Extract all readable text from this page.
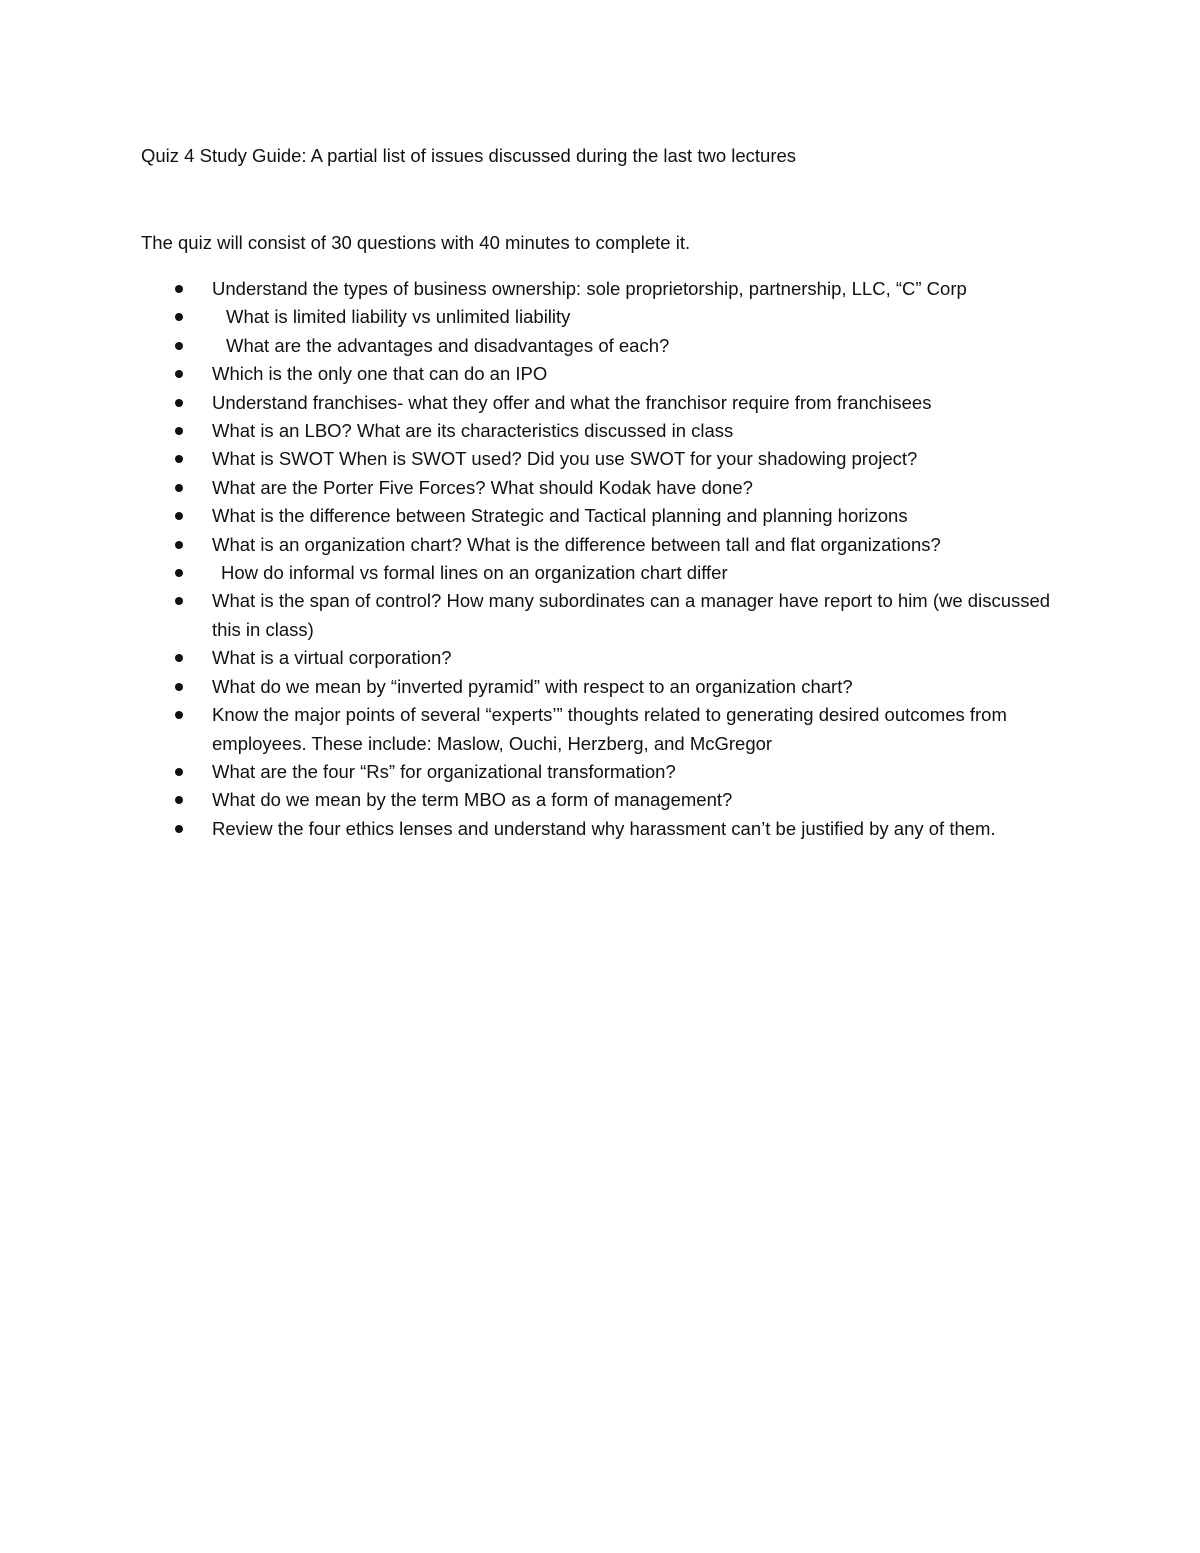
Quiz 4 Study Guide: A partial list of issues discussed during the last two lectures

The quiz will consist of 30 questions with 40 minutes to complete it.

Understand the types of business ownership: sole proprietorship, partnership, LLC, “C” Corp
What is limited liability vs unlimited liability
What are the advantages and disadvantages of each?
Which is the only one that can do an IPO
Understand franchises- what they offer and what the franchisor require from franchisees
What is an LBO? What are its characteristics discussed in class
What is SWOT When is SWOT used? Did you use SWOT for your shadowing project?
What are the Porter Five Forces? What should Kodak have done?
What is the difference between Strategic and Tactical planning and planning horizons
What is an organization chart? What is the difference between tall and flat organizations?
How do informal vs formal lines on an organization chart differ
What is the span of control? How many subordinates can a manager have report to him (we discussed this in class)
What is a virtual corporation?
What do we mean by “inverted pyramid” with respect to an organization chart?
Know the major points of several “experts’” thoughts related to generating desired outcomes from employees. These include: Maslow, Ouchi, Herzberg, and McGregor
What are the four “Rs” for organizational transformation?
What do we mean by the term MBO as a form of management?
Review the four ethics lenses and understand why harassment can’t be justified by any of them.
